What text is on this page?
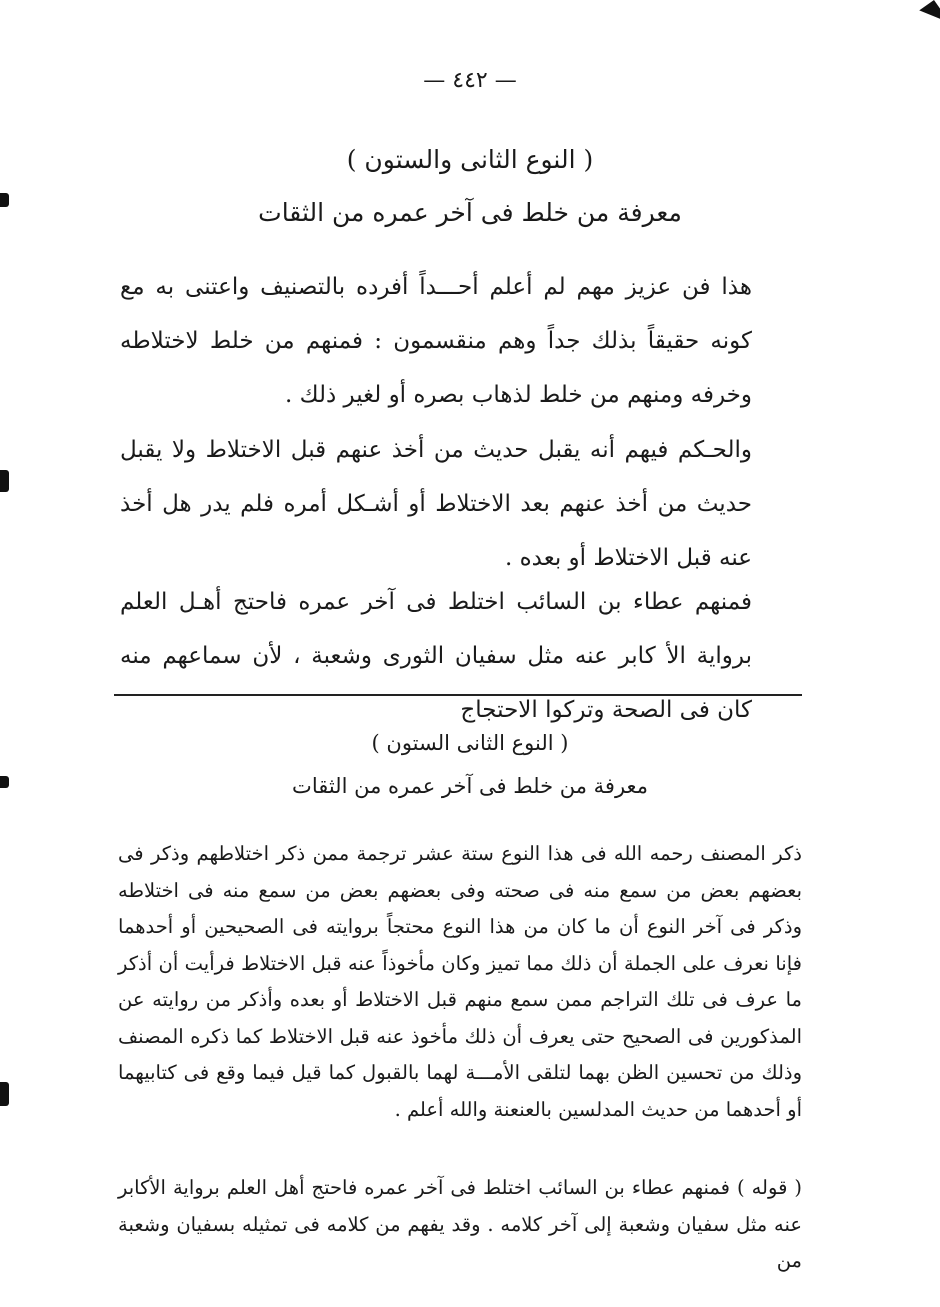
— ٤٤٢ —
( النوع الثانى والستون )
معرفة من خلط فى آخر عمره من الثقات

هذا فن عزيز مهم لم أعلم أحـــداً أفرده بالتصنيف واعتنى به مع كونه حقيقاً بذلك جداً وهم منقسمون : فمنهم من خلط لاختلاطه وخرفه ومنهم من خلط لذهاب بصره أو لغير ذلك .

والحـكم فيهم أنه يقبل حديث من أخذ عنهم قبل الاختلاط ولا يقبل حديث من أخذ عنهم بعد الاختلاط أو أشـكل أمره فلم يدر هل أخذ عنه قبل الاختلاط أو بعده .

فمنهم عطاء بن السائب اختلط فى آخر عمره فاحتج أهـل العلم برواية الأ كابر عنه مثل سفيان الثورى وشعبة ، لأن سماعهم منه كان فى الصحة وتركوا الاحتجاج

( النوع الثانى الستون )
معرفة من خلط فى آخر عمره من الثقات

ذكر المصنف رحمه الله فى هذا النوع ستة عشر ترجمة ممن ذكر اختلاطهم وذكر فى بعضهم بعض من سمع منه فى صحته وفى بعضهم بعض من سمع منه فى اختلاطه وذكر فى آخر النوع أن ما كان من هذا النوع محتجاً بروايته فى الصحيحين أو أحدهما فإنا نعرف على الجملة أن ذلك مما تميز وكان مأخوذاً عنه قبل الاختلاط فرأيت أن أذكر ما عرف فى تلك التراجم ممن سمع منهم قبل الاختلاط أو بعده وأذكر من روايته عن المذكورين فى الصحيح حتى يعرف أن ذلك مأخوذ عنه قبل الاختلاط كما ذكره المصنف وذلك من تحسين الظن بهما لتلقى الأمـــة لهما بالقبول كما قيل فيما وقع فى كتابيهما أو أحدهما من حديث المدلسين بالعنعنة والله أعلم .

( قوله ) فمنهم عطاء بن السائب اختلط فى آخر عمره فاحتج أهل العلم برواية الأكابر عنه مثل سفيان وشعبة إلى آخر كلامه . وقد يفهم من كلامه فى تمثيله بسفيان وشعبة من
